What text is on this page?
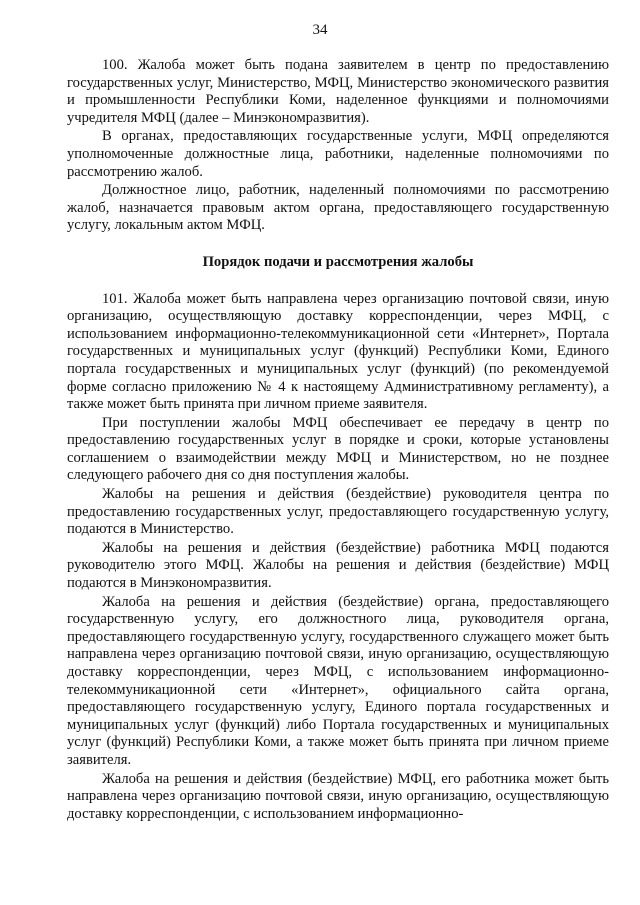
34

100. Жалоба может быть подана заявителем в центр по предоставлению государственных услуг, Министерство, МФЦ, Министерство экономического развития и промышленности Республики Коми, наделенное функциями и полномочиями учредителя МФЦ (далее – Минэкономразвития).

В органах, предоставляющих государственные услуги, МФЦ определяются уполномоченные должностные лица, работники, наделенные полномочиями по рассмотрению жалоб.

Должностное лицо, работник, наделенный полномочиями по рассмотрению жалоб, назначается правовым актом органа, предоставляющего государственную услугу, локальным актом МФЦ.

Порядок подачи и рассмотрения жалобы

101. Жалоба может быть направлена через организацию почтовой связи, иную организацию, осуществляющую доставку корреспонденции, через МФЦ, с использованием информационно-телекоммуникационной сети «Интернет», Портала государственных и муниципальных услуг (функций) Республики Коми, Единого портала государственных и муниципальных услуг (функций) (по рекомендуемой форме согласно приложению № 4 к настоящему Административному регламенту), а также может быть принята при личном приеме заявителя.

При поступлении жалобы МФЦ обеспечивает ее передачу в центр по предоставлению государственных услуг в порядке и сроки, которые установлены соглашением о взаимодействии между МФЦ и Министерством, но не позднее следующего рабочего дня со дня поступления жалобы.

Жалобы на решения и действия (бездействие) руководителя центра по предоставлению государственных услуг, предоставляющего государственную услугу, подаются в Министерство.

Жалобы на решения и действия (бездействие) работника МФЦ подаются руководителю этого МФЦ. Жалобы на решения и действия (бездействие) МФЦ подаются в Минэкономразвития.

Жалоба на решения и действия (бездействие) органа, предоставляющего государственную услугу, его должностного лица, руководителя органа, предоставляющего государственную услугу, государственного служащего может быть направлена через организацию почтовой связи, иную организацию, осуществляющую доставку корреспонденции, через МФЦ, с использованием информационно-телекоммуникационной сети «Интернет», официального сайта органа, предоставляющего государственную услугу, Единого портала государственных и муниципальных услуг (функций) либо Портала государственных и муниципальных услуг (функций) Республики Коми, а также может быть принята при личном приеме заявителя.

Жалоба на решения и действия (бездействие) МФЦ, его работника может быть направлена через организацию почтовой связи, иную организацию, осуществляющую доставку корреспонденции, с использованием информационно-
